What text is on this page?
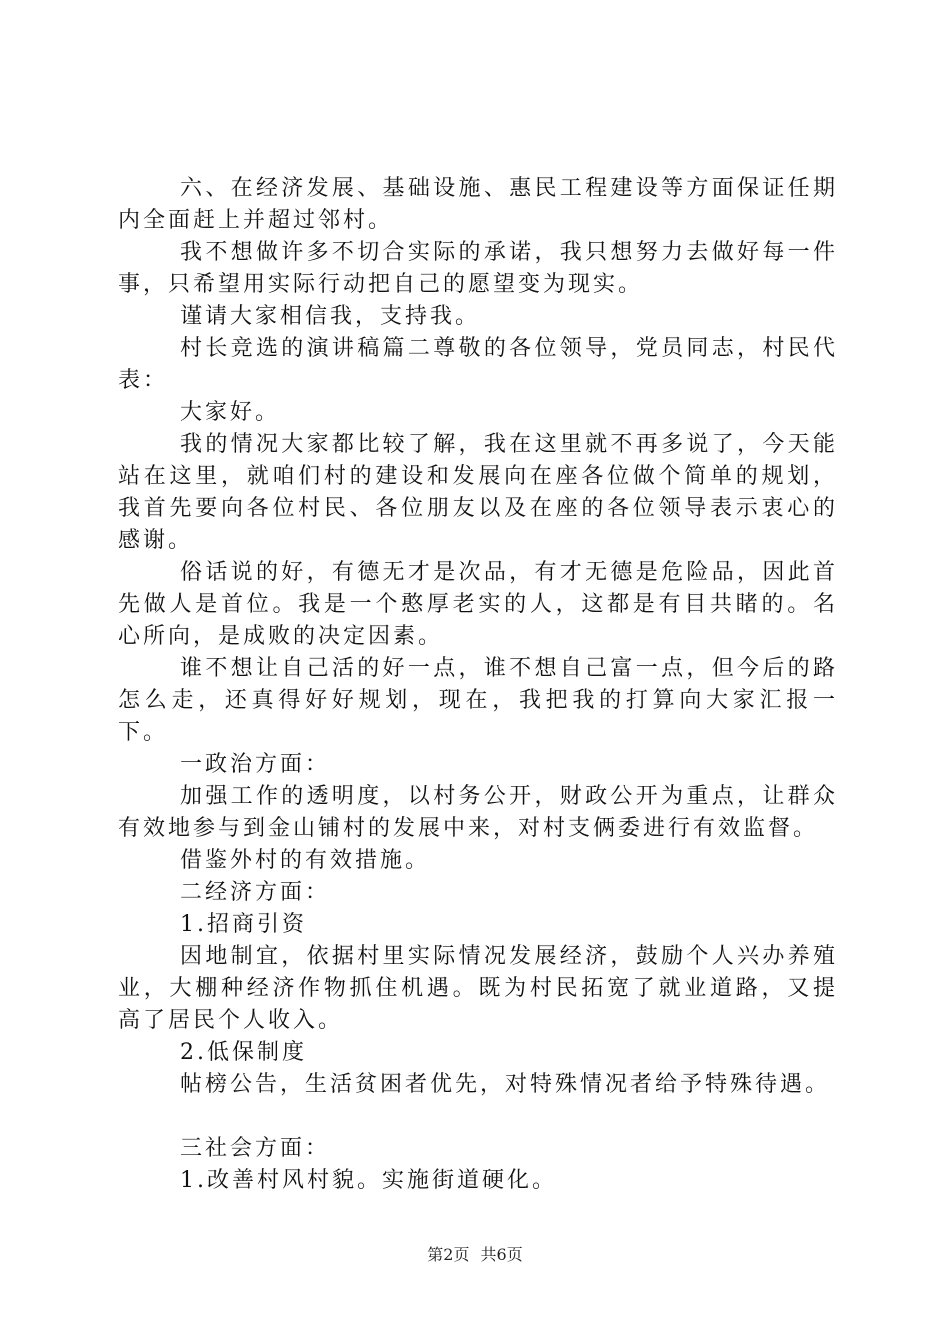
六、在经济发展、基础设施、惠民工程建设等方面保证任期内全面赶上并超过邻村。

我不想做许多不切合实际的承诺，我只想努力去做好每一件事，只希望用实际行动把自己的愿望变为现实。

谨请大家相信我，支持我。

村长竞选的演讲稿篇二尊敬的各位领导，党员同志，村民代表：

大家好。

我的情况大家都比较了解，我在这里就不再多说了，今天能站在这里，就咱们村的建设和发展向在座各位做个简单的规划，我首先要向各位村民、各位朋友以及在座的各位领导表示衷心的感谢。

俗话说的好，有德无才是次品，有才无德是危险品，因此首先做人是首位。我是一个憨厚老实的人，这都是有目共睹的。名心所向，是成败的决定因素。

谁不想让自己活的好一点，谁不想自己富一点，但今后的路怎么走，还真得好好规划，现在，我把我的打算向大家汇报一下。

一政治方面：

加强工作的透明度，以村务公开，财政公开为重点，让群众有效地参与到金山铺村的发展中来，对村支俩委进行有效监督。

借鉴外村的有效措施。

二经济方面：

1.招商引资

因地制宜，依据村里实际情况发展经济，鼓励个人兴办养殖业，大棚种经济作物抓住机遇。既为村民拓宽了就业道路，又提高了居民个人收入。

2.低保制度

帖榜公告，生活贫困者优先，对特殊情况者给予特殊待遇。

三社会方面：

1.改善村风村貌。实施街道硬化。

第2页 共6页
